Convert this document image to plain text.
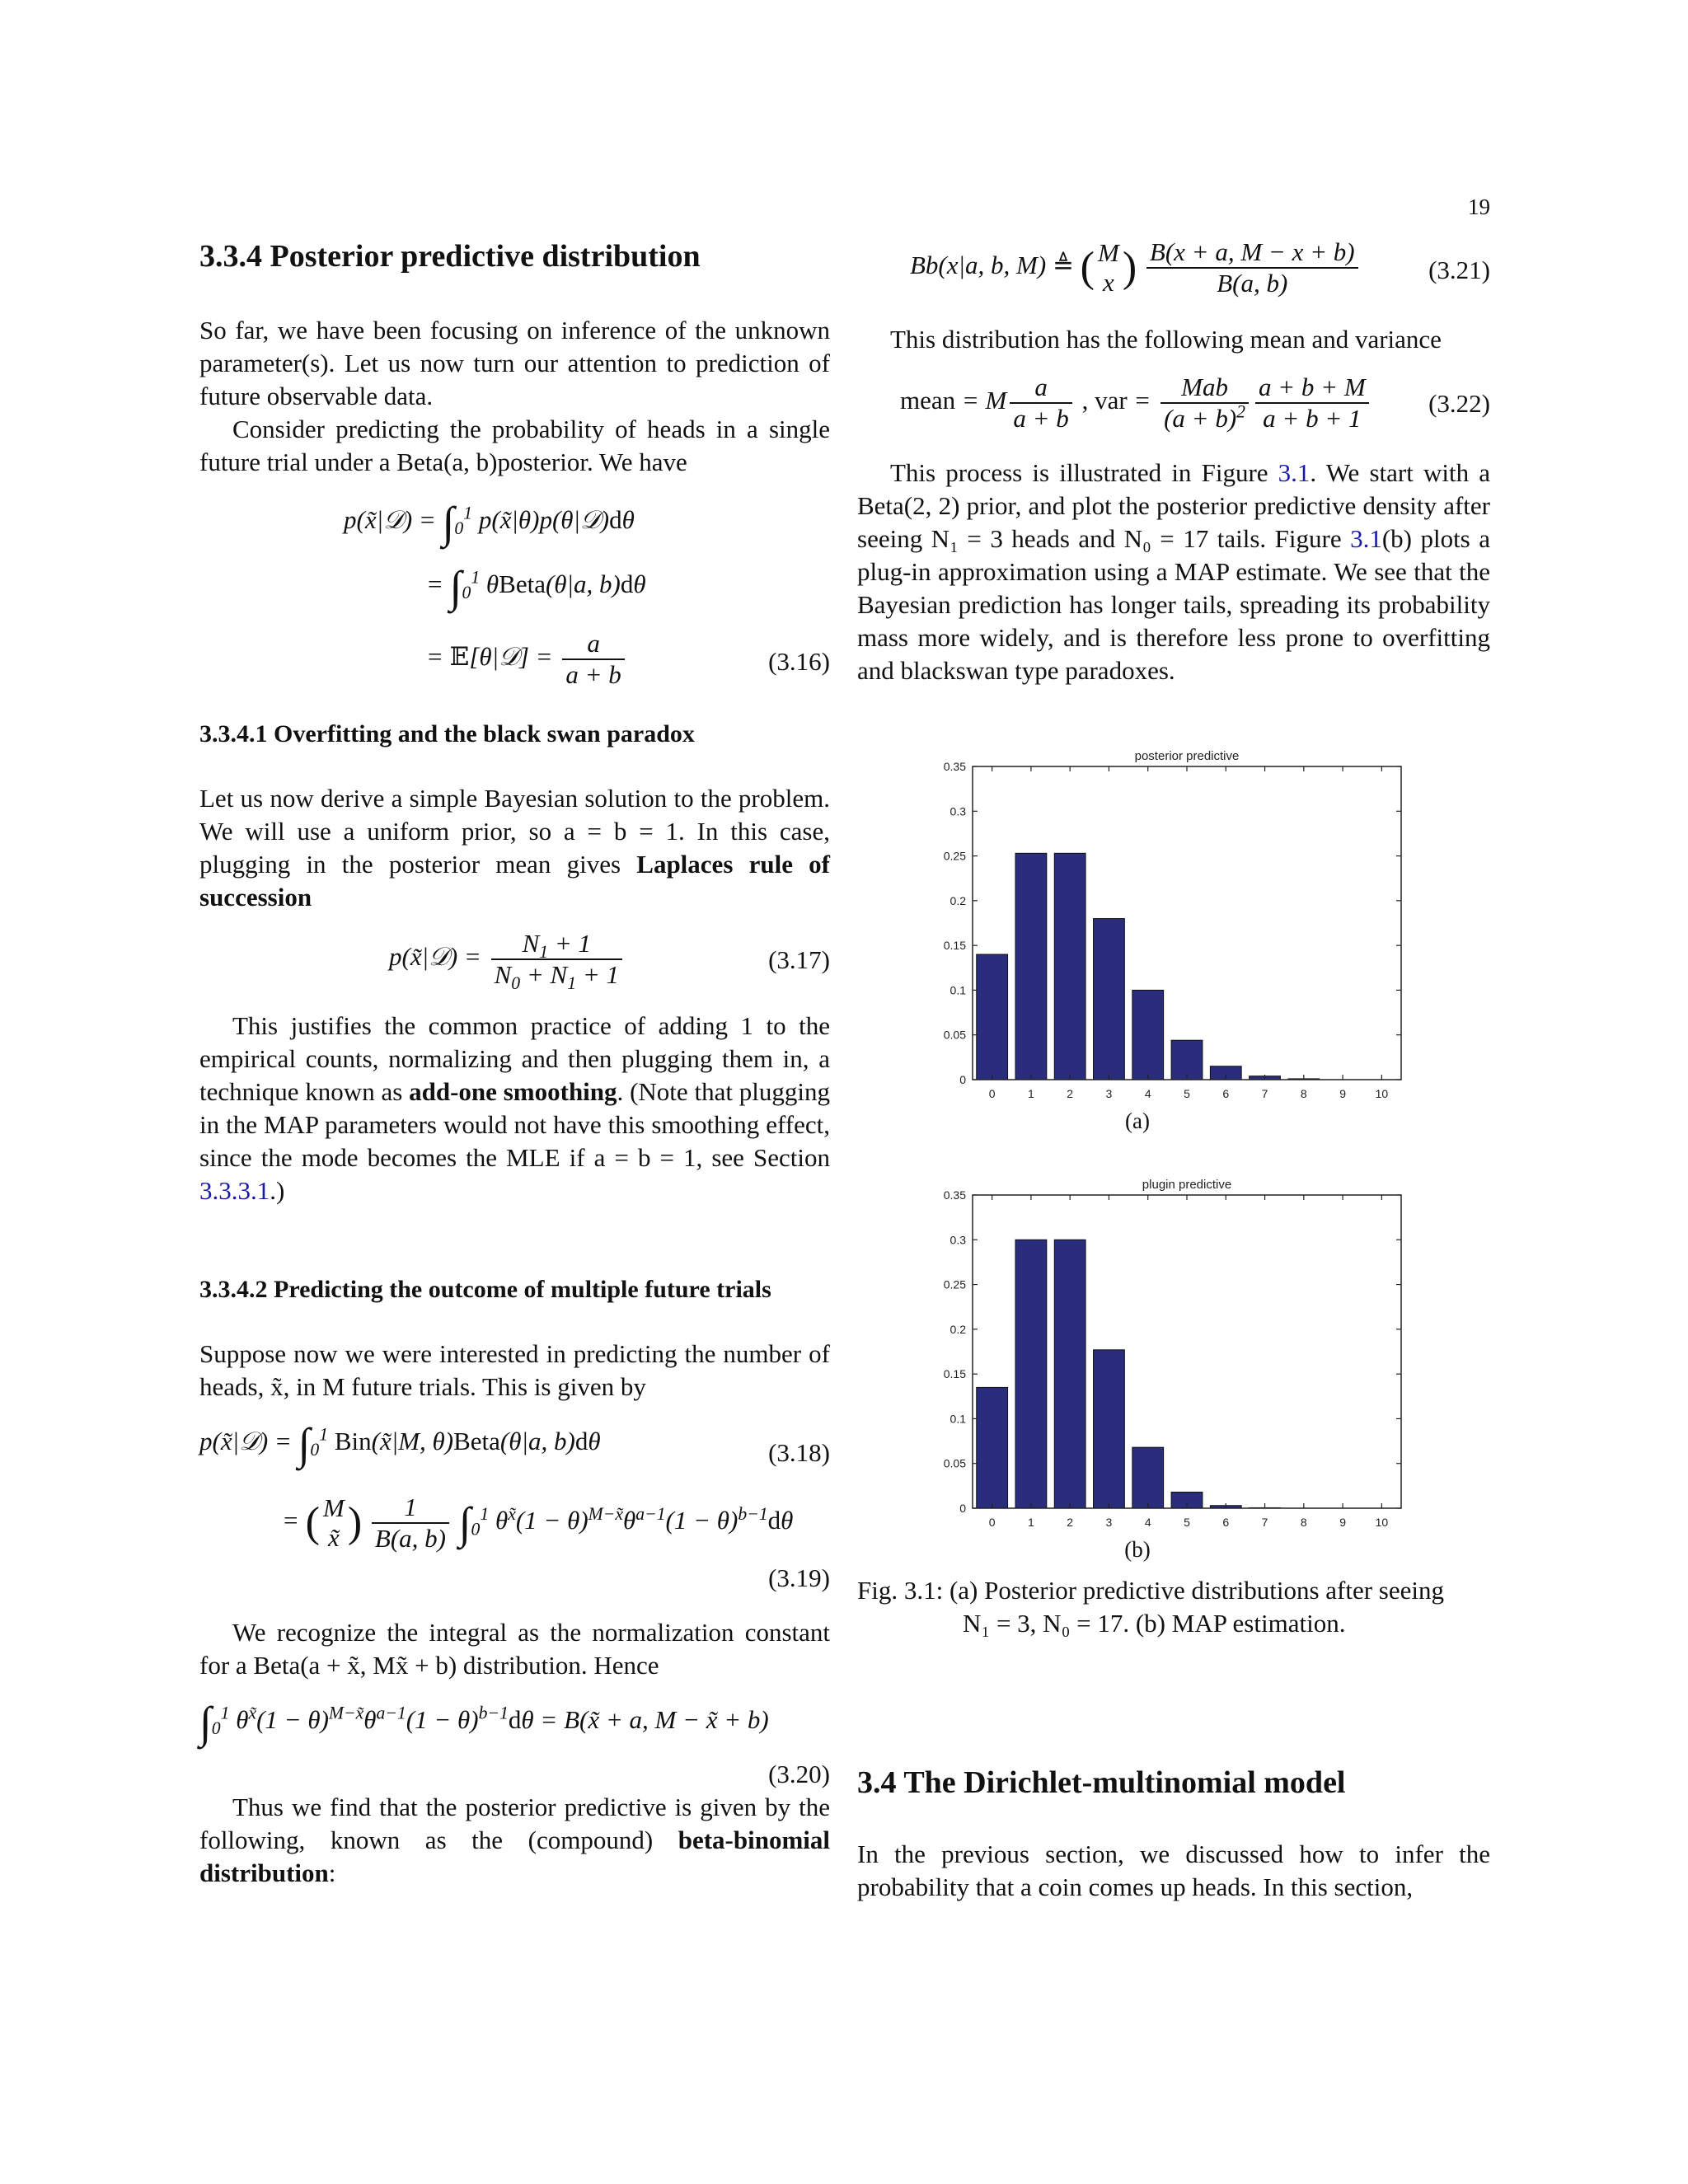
19
3.3.4 Posterior predictive distribution

So far, we have been focusing on inference of the unknown parameter(s). Let us now turn our attention to prediction of future observable data.

Consider predicting the probability of heads in a single future trial under a Beta(a, b)posterior. We have

p(x̃|𝒟) = $\int_0^1$ p(x̃|θ)p(θ|𝒟)dθ
= $\int_0^1$ θBeta(θ|a, b)dθ
= 𝔼[θ|𝒟] = $\frac{a}{a + b}$	(3.16)
3.3.4.1 Overfitting and the black swan paradox

Let us now derive a simple Bayesian solution to the problem. We will use a uniform prior, so a = b = 1. In this case, plugging in the posterior mean gives Laplaces rule of succession

p(x̃|𝒟) = $\frac{N_1 + 1}{N_0 + N_1 + 1}$	(3.17)

This justifies the common practice of adding 1 to the empirical counts, normalizing and then plugging them in, a technique known as add-one smoothing. (Note that plugging in the MAP parameters would not have this smoothing effect, since the mode becomes the MLE if a = b = 1, see Section 3.3.3.1.)

3.3.4.2 Predicting the outcome of multiple future trials

Suppose now we were interested in predicting the number of heads, x̃, in M future trials. This is given by

p(x̃|𝒟) = $\int_0^1$ Bin(x̃|M, θ)Beta(θ|a, b)dθ	(3.18)
= ( M
x̃ ) $\frac{1}{B(a, b)} \int_0^1$ $\theta^{x̃}(1 - \theta)^{M-x̃}\theta^{a-1}(1 - \theta)^{b-1}d\theta$
(3.19)

We recognize the integral as the normalization constant for a Beta(a + x̃, Mx̃ + b) distribution. Hence

$\int_0^1$ $\theta^{x̃}(1 - \theta)^{M-x̃}\theta^{a-1}(1 - \theta)^{b-1}d\theta$ = B(x̃ + a, M − x̃ + b)
(3.20)

Thus we find that the posterior predictive is given by the following, known as the (compound) beta-binomial distribution:

Bb(x|a, b, M) ≜ ( M
x ) $\frac{B(x + a, M - x + b)}{B(a, b)}$	(3.21)

This distribution has the following mean and variance

mean = M $\frac{a}{a + b}$ , var = $\frac{\text{Mab}}{(a + b)^2} \frac{a + b + M}{a + b + 1} (3.22)$

This process is illustrated in Figure 3.1. We start with a Beta(2, 2) prior, and plot the posterior predictive density after seeing N₁ = 3 heads and N₀ = 17 tails. Figure 3.1(b) plots a plug-in approximation using a MAP estimate. We see that the Bayesian prediction has longer tails, spreading its probability mass more widely, and is therefore less prone to overfitting and blackswan type paradoxes.

posterior predictive
0
0.05
0.1
0.15
0.2
0.25
0.3
0.35
0	1	2	3	4	5	6	7	8	9	10
(a)
plugin predictive
0
0.05
0.1
0.15
0.2
0.25
0.3
0.35
0	1	2	3	4	5	6	7	8	9	10
(b)
Fig. 3.1: (a) Posterior predictive distributions after seeing
N₁ = 3, N₀ = 17. (b) MAP estimation.
3.4 The Dirichlet-multinomial model

In the previous section, we discussed how to infer the probability that a coin comes up heads. In this section,
